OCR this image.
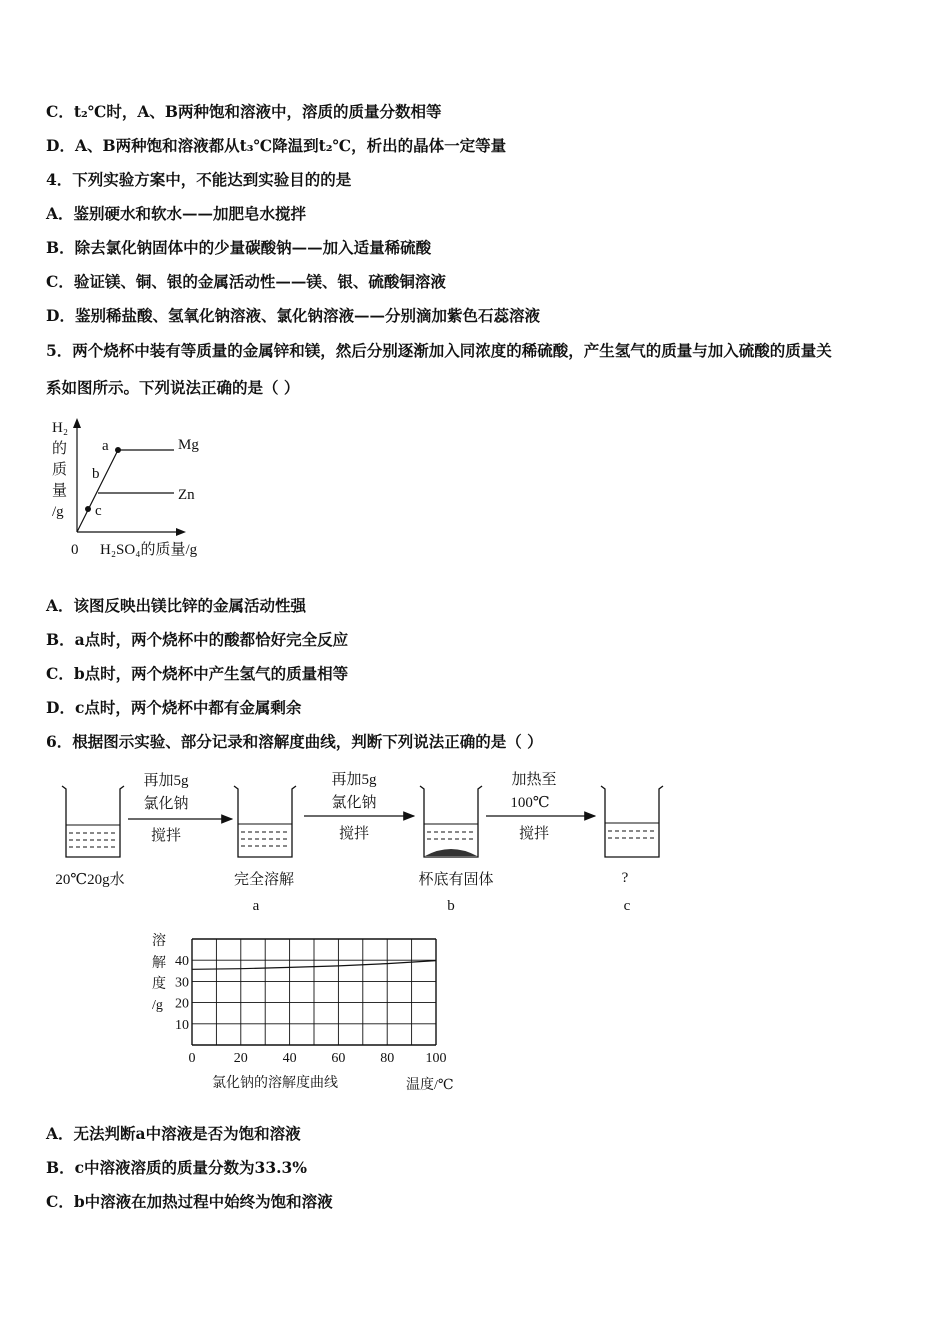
C．t₂℃时，A、B两种饱和溶液中，溶质的质量分数相等
D．A、B两种饱和溶液都从t₃℃降温到t₂℃，析出的晶体一定等量
4．下列实验方案中，不能达到实验目的的是
A．鉴别硬水和软水——加肥皂水搅拌
B．除去氯化钠固体中的少量碳酸钠——加入适量稀硫酸
C．验证镁、铜、银的金属活动性——镁、银、硫酸铜溶液
D．鉴别稀盐酸、氢氧化钠溶液、氯化钠溶液——分别滴加紫色石蕊溶液
5．两个烧杯中装有等质量的金属锌和镁，然后分别逐渐加入同浓度的稀硫酸，产生氢气的质量与加入硫酸的质量关
系如图所示。下列说法正确的是（ ）
H₂
的
质
量
/g
a
b
c
Mg
Zn
0 H₂SO₄的质量/g
A．该图反映出镁比锌的金属活动性强
B．a点时，两个烧杯中的酸都恰好完全反应
C．b点时，两个烧杯中产生氢气的质量相等
D．c点时，两个烧杯中都有金属剩余
6．根据图示实验、部分记录和溶解度曲线，判断下列说法正确的是（ ）
再加5g
氯化钠
搅拌
再加5g
氯化钠
搅拌
加热至
100℃
搅拌
20℃20g水	完全溶解	杯底有固体	?
a	b	c
溶
解
度
/g
氯化钠的溶解度曲线	温度/℃
0	20 40 60 80 100
10
20
30
40
A．无法判断a中溶液是否为饱和溶液
B．c中溶液溶质的质量分数为33.3%
C．b中溶液在加热过程中始终为饱和溶液
